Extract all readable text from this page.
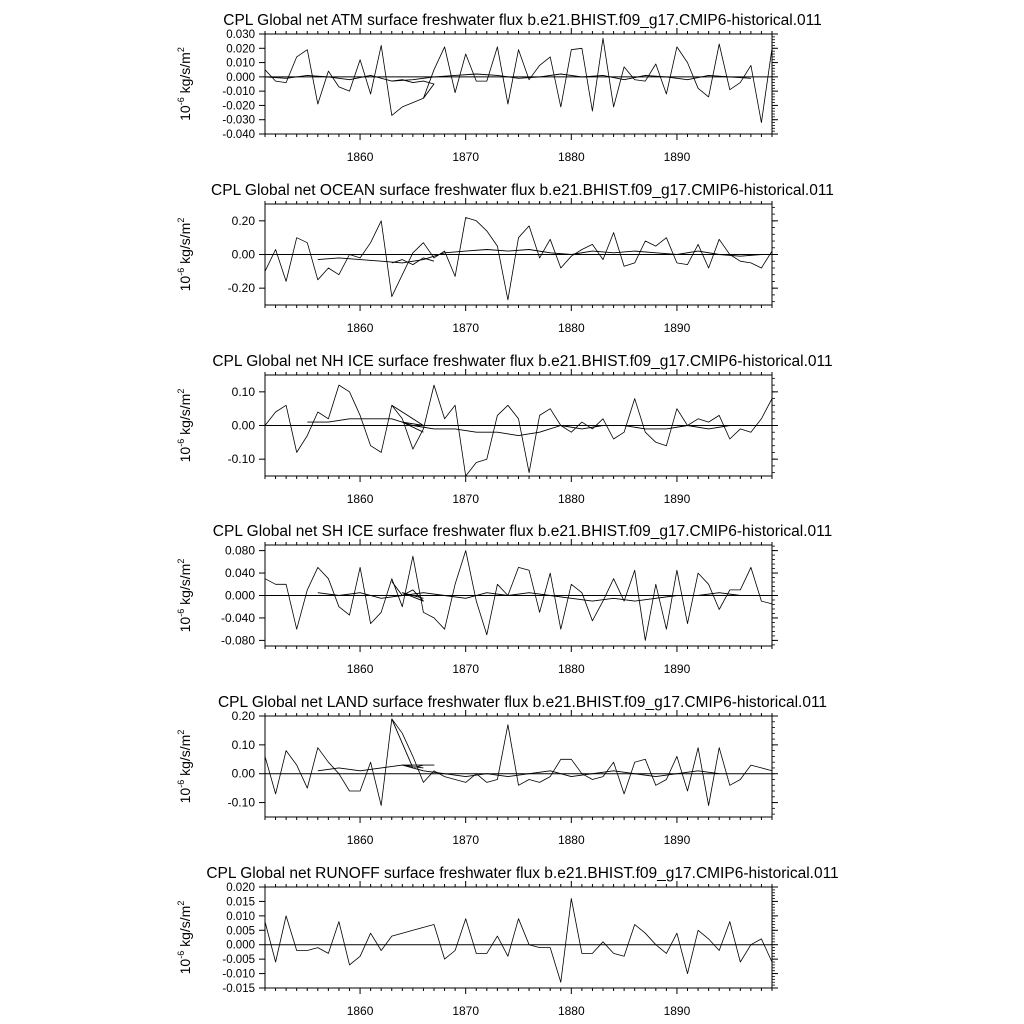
CPL Global net ATM surface freshwater flux b.e21.BHIST.f09_g17.CMIP6-historical.011
1860	1870	1880	1890
0.030
0.020
0.010
0.000
-0.010
-0.020
-0.030
-0.040
$10^{-6}$ $kg/s/m^2$
CPL Global net OCEAN surface freshwater flux b.e21.BHIST.f09_g17.CMIP6-historical.011
1860	1870	1880	1890
0.20
0.00
-0.20
$10^{-6}$ $kg/s/m^2$
CPL Global net NH ICE surface freshwater flux b.e21.BHIST.f09_g17.CMIP6-historical.011
1860	1870	1880	1890
0.10
0.00
-0.10
$10^{-6}$ $kg/s/m^2$
CPL Global net SH ICE surface freshwater flux b.e21.BHIST.f09_g17.CMIP6-historical.011
1860	1870	1880	1890
0.080
0.040
0.000
-0.040
-0.080
$10^{-6}$ $kg/s/m^2$
CPL Global net LAND surface freshwater flux b.e21.BHIST.f09_g17.CMIP6-historical.011
1860	1870	1880	1890
0.20
0.10
0.00
-0.10
$10^{-6}$ $kg/s/m^2$
CPL Global net RUNOFF surface freshwater flux b.e21.BHIST.f09_g17.CMIP6-historical.011
1860	1870	1880	1890
0.020
0.015
0.010
0.005
0.000
-0.005
-0.010
-0.015
$10^{-6}$ $kg/s/m^2$
